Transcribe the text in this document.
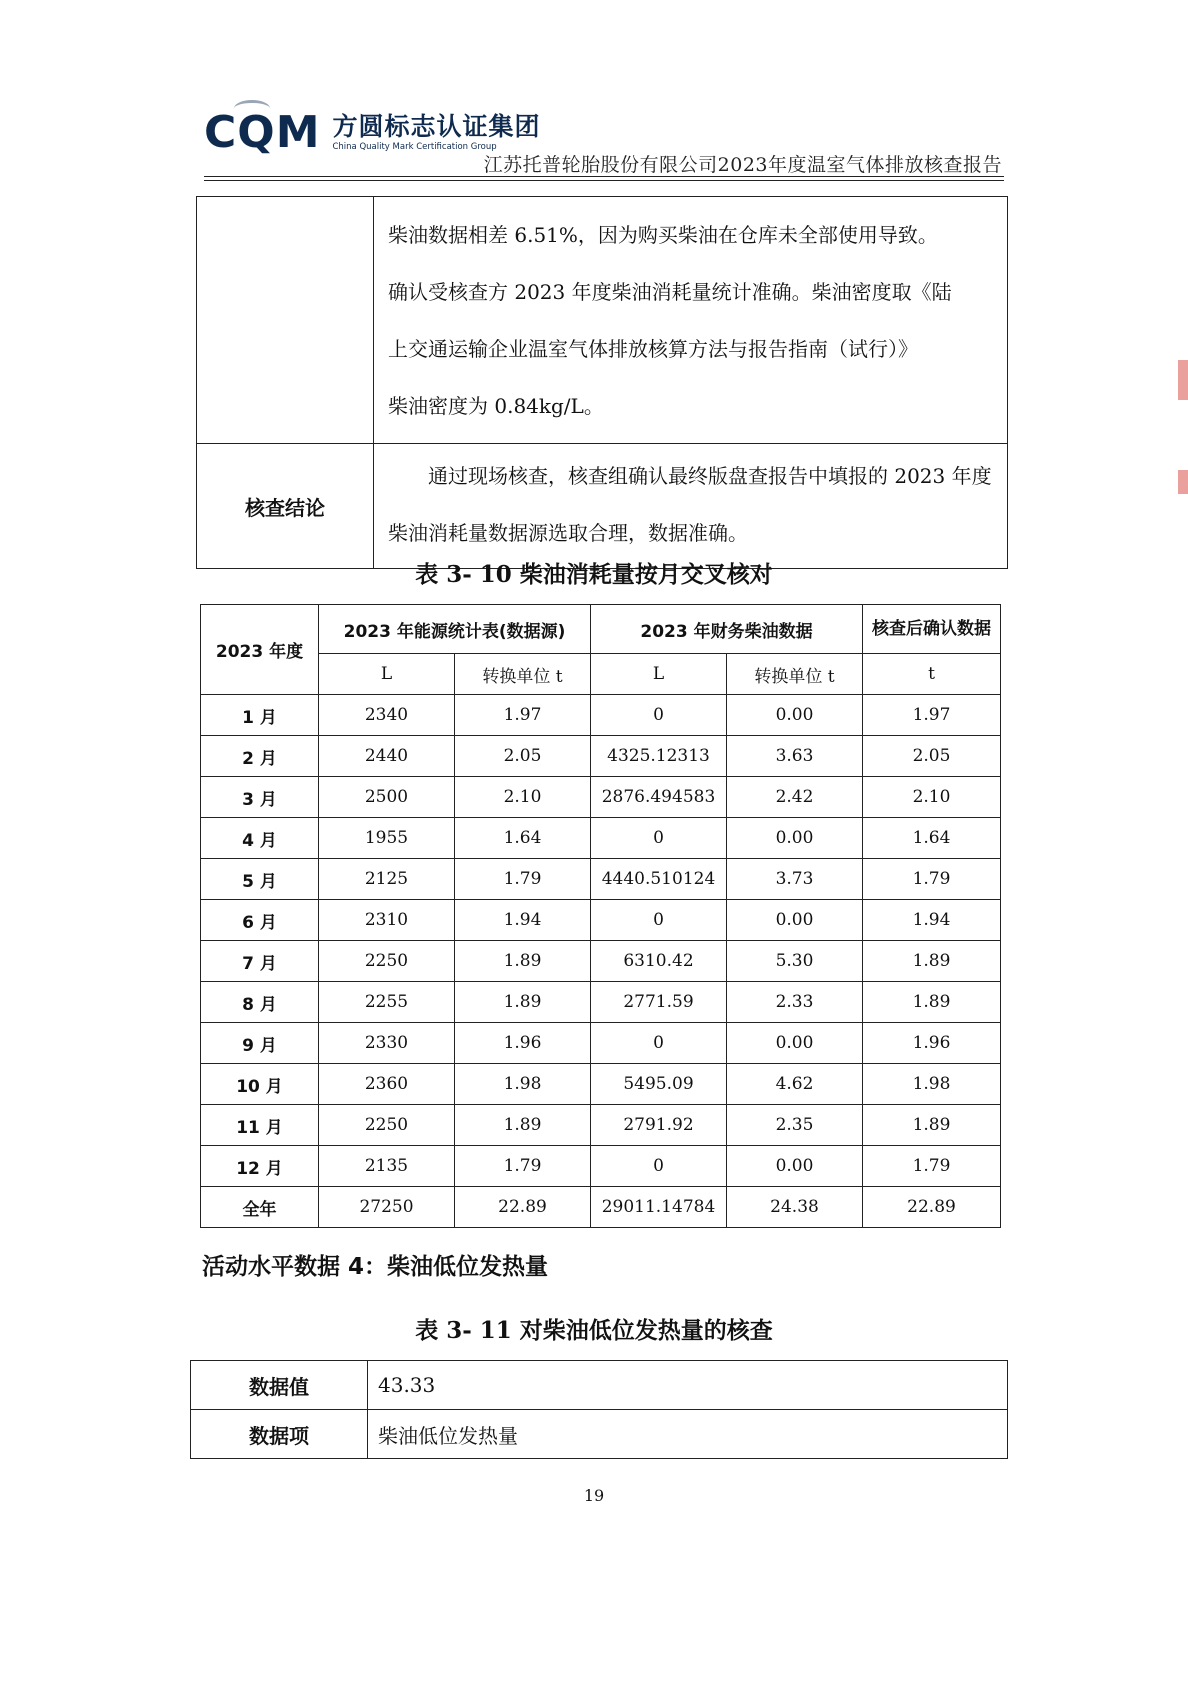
CQM 方圆标志认证集团
China Quality Mark Certification Group
江苏托普轮胎股份有限公司2023年度温室气体排放核查报告

	柴油数据相差 6.51%，因为购买柴油在仓库未全部使用导致。

确认受核查方 2023 年度柴油消耗量统计准确。柴油密度取《陆

上交通运输企业温室气体排放核算方法与报告指南（试行）》

柴油密度为 0.84kg/L。

核查结论	通过现场核查，核查组确认最终版盘查报告中填报的 2023 年度柴油消耗量数据源选取合理，数据准确。

表 3- 10 柴油消耗量按月交叉核对
2023 年度	2023 年能源统计表(数据源)		2023 年财务柴油数据		核查后确认数据
	L	转换单位 t	L	转换单位 t	t
1 月	2340	1.97	0	0.00	1.97
2 月	2440	2.05	4325.12313	3.63	2.05
3 月	2500	2.10	2876.494583	2.42	2.10
4 月	1955	1.64	0	0.00	1.64
5 月	2125	1.79	4440.510124	3.73	1.79
6 月	2310	1.94	0	0.00	1.94
7 月	2250	1.89	6310.42	5.30	1.89
8 月	2255	1.89	2771.59	2.33	1.89
9 月	2330	1.96	0	0.00	1.96
10 月	2360	1.98	5495.09	4.62	1.98
11 月	2250	1.89	2791.92	2.35	1.89
12 月	2135	1.79	0	0.00	1.79
全年	27250	22.89	29011.14784	24.38	22.89
活动水平数据 4：柴油低位发热量
表 3- 11 对柴油低位发热量的核查
数据值	43.33
数据项	柴油低位发热量
19
